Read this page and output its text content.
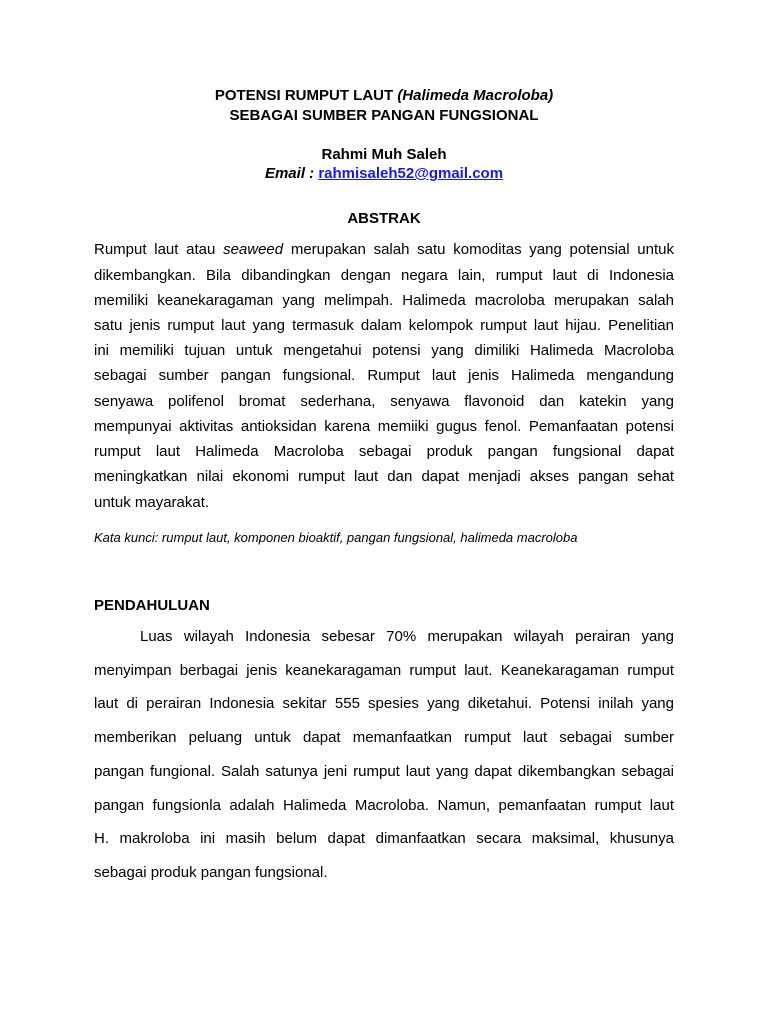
POTENSI RUMPUT LAUT (Halimeda Macroloba)
SEBAGAI SUMBER PANGAN FUNGSIONAL
Rahmi Muh Saleh
Email : rahmisaleh52@gmail.com
ABSTRAK
Rumput laut atau seaweed merupakan salah satu komoditas yang potensial untuk
dikembangkan. Bila dibandingkan dengan negara lain, rumput laut di Indonesia
memiliki keanekaragaman yang melimpah. Halimeda macroloba merupakan salah
satu jenis rumput laut yang termasuk dalam kelompok rumput laut hijau. Penelitian
ini memiliki tujuan untuk mengetahui potensi yang dimiliki Halimeda Macroloba
sebagai sumber pangan fungsional. Rumput laut jenis Halimeda mengandung
senyawa polifenol bromat sederhana, senyawa flavonoid dan katekin yang
mempunyai aktivitas antioksidan karena memiiki gugus fenol. Pemanfaatan potensi
rumput laut Halimeda Macroloba sebagai produk pangan fungsional dapat
meningkatkan nilai ekonomi rumput laut dan dapat menjadi akses pangan sehat
untuk mayarakat.
Kata kunci: rumput laut, komponen bioaktif, pangan fungsional, halimeda macroloba
PENDAHULUAN
Luas wilayah Indonesia sebesar 70% merupakan wilayah perairan yang
menyimpan berbagai jenis keanekaragaman rumput laut. Keanekaragaman rumput
laut di perairan Indonesia sekitar 555 spesies yang diketahui. Potensi inilah yang
memberikan peluang untuk dapat memanfaatkan rumput laut sebagai sumber
pangan fungional. Salah satunya jeni rumput laut yang dapat dikembangkan sebagai
pangan fungsionla adalah Halimeda Macroloba. Namun, pemanfaatan rumput laut
H. makroloba ini masih belum dapat dimanfaatkan secara maksimal, khusunya
sebagai produk pangan fungsional.
